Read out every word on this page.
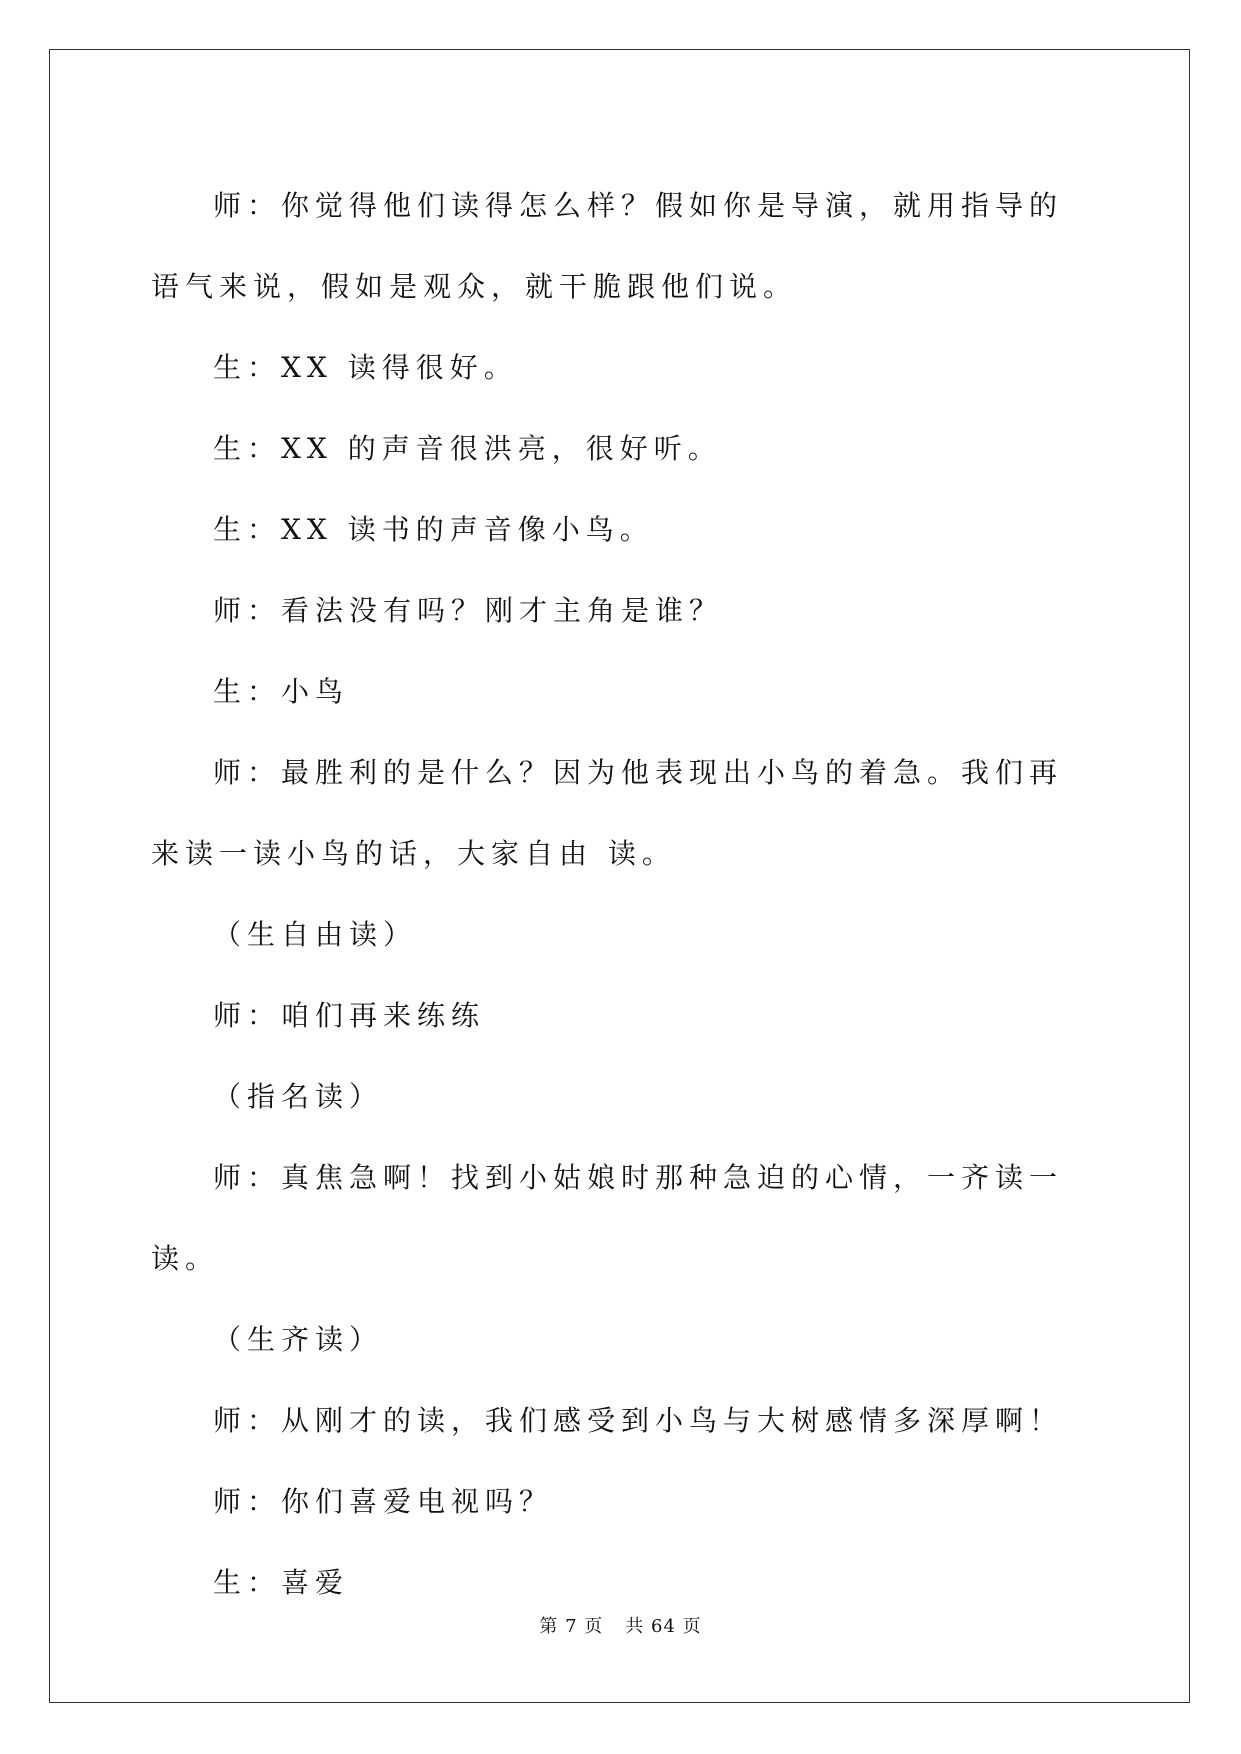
师：你觉得他们读得怎么样？假如你是导演，就用指导的语气来说，假如是观众，就干脆跟他们说。

生：XX 读得很好。

生：XX 的声音很洪亮，很好听。

生：XX 读书的声音像小鸟。

师：看法没有吗？刚才主角是谁？

生：小鸟

师：最胜利的是什么？因为他表现出小鸟的着急。我们再来读一读小鸟的话，大家自由 读。

（生自由读）

师：咱们再来练练

（指名读）

师：真焦急啊！找到小姑娘时那种急迫的心情，一齐读一读。

（生齐读）

师：从刚才的读，我们感受到小鸟与大树感情多深厚啊！

师：你们喜爱电视吗？

生：喜爱

第 7 页 共 64 页
